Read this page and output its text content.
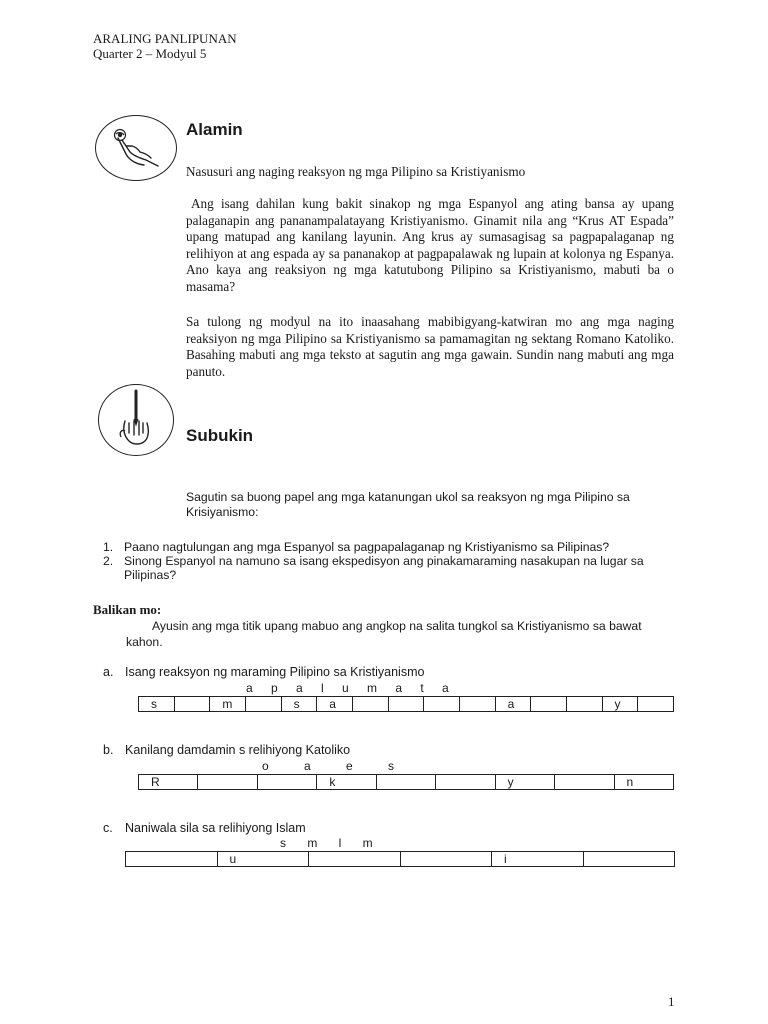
ARALING PANLIPUNAN
Quarter 2 – Modyul 5
Alamin
Nasusuri ang naging reaksyon ng mga Pilipino sa Kristiyanismo
Ang isang dahilan kung bakit sinakop ng mga Espanyol ang ating bansa ay upang palaganapin ang pananampalatayang Kristiyanismo. Ginamit nila ang “Krus AT Espada” upang matupad ang kanilang layunin. Ang krus ay sumasagisag sa pagpapalaganap ng relihiyon at ang espada ay sa pananakop at pagpapalawak ng lupain at kolonya ng Espanya. Ano kaya ang reaksiyon ng mga katutubong Pilipino sa Kristiyanismo, mabuti ba o masama?
Sa tulong ng modyul na ito inaasahang mabibigyang-katwiran mo ang mga naging reaksiyon ng mga Pilipino sa Kristiyanismo sa pamamagitan ng sektang Romano Katoliko. Basahing mabuti ang mga teksto at sagutin ang mga gawain. Sundin nang mabuti ang mga panuto.
Subukin
Sagutin sa buong papel ang mga katanungan ukol sa reaksyon ng mga Pilipino sa Krisiyanismo:
1. Paano nagtulungan ang mga Espanyol sa pagpapalaganap ng Kristiyanismo sa Pilipinas?
2. Sinong Espanyol na namuno sa isang ekspedisyon ang pinakamaraming nasakupan na lugar sa Pilipinas?
Balikan mo:
Ayusin ang mga titik upang mabuo ang angkop na salita tungkol sa Kristiyanismo sa bawat kahon.
a. Isang reaksyon ng maraming Pilipino sa Kristiyanismo
a p a l u m a t a
s		m		s	a					a			y	
b. Kanilang damdamin s relihiyong Katoliko
o a e s
R			k			y		n
c. Naniwala sila sa relihiyong Islam
s m l m
	u			i	
1
